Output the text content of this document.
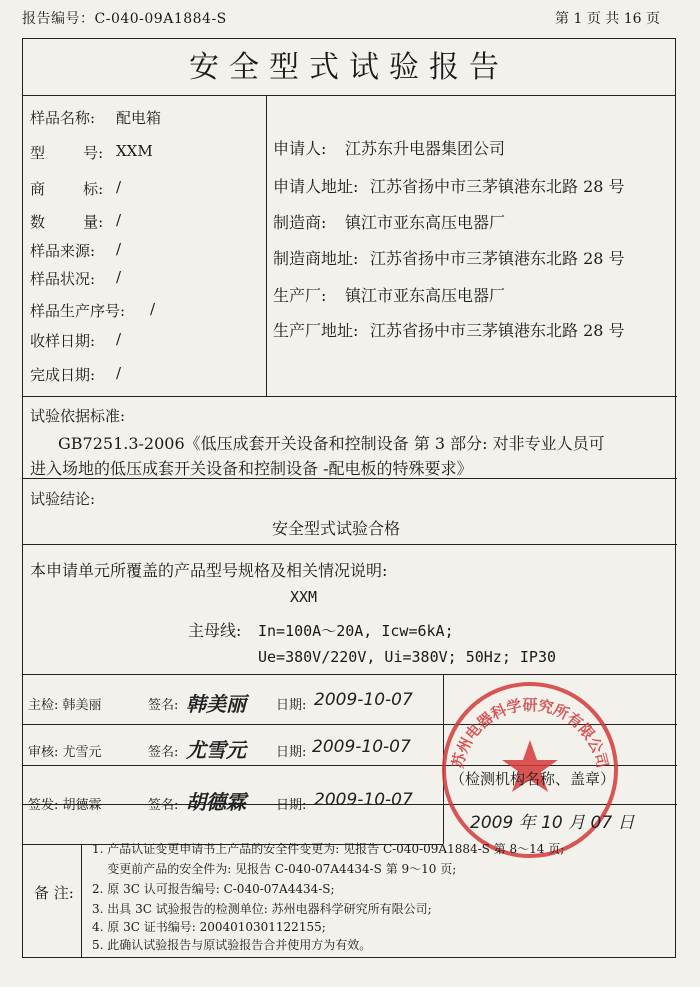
报告编号：C-040-09A1884-S	第 1 页 共 16 页
安全型式试验报告
样品名称: 配电箱
型        号: XXM
商        标: /
数        量: /
样品来源: /
样品状况: /
样品生产序号: /
收样日期: /
完成日期: /
申请人: 江苏东升电器集团公司
申请人地址: 江苏省扬中市三茅镇港东北路 28 号
制造商: 镇江市亚东高压电器厂
制造商地址: 江苏省扬中市三茅镇港东北路 28 号
生产厂: 镇江市亚东高压电器厂
生产厂地址: 江苏省扬中市三茅镇港东北路 28 号
试验依据标准:
GB7251.3-2006《低压成套开关设备和控制设备 第 3 部分: 对非专业人员可
进入场地的低压成套开关设备和控制设备 -配电板的特殊要求》
试验结论:
安全型式试验合格
本申请单元所覆盖的产品型号规格及相关情况说明:
XXM
主母线: In=100A～20A, Icw=6kA;
Ue=380V/220V, Ui=380V; 50Hz; IP30
主检: 韩美丽	签名: 韩美丽 日期: 2009-10-07
审核: 尤雪元	签名: 尤雪元 日期: 2009-10-07
签发: 胡德霖	签名: 胡德霖 日期: 2009-10-07
苏州电器科学研究所有限公司
（检测机构名称、盖章）
2009 年 10 月 07 日
备 注:
1. 产品认证变更申请书上产品的安全件变更为: 见报告 C-040-09A1884-S 第 8～14 页;
变更前产品的安全件为: 见报告 C-040-07A4434-S 第 9～10 页;
2. 原 3C 认可报告编号: C-040-07A4434-S;
3. 出具 3C 试验报告的检测单位: 苏州电器科学研究所有限公司;
4. 原 3C 证书编号: 2004010301122155;
5. 此确认试验报告与原试验报告合并使用方为有效。
